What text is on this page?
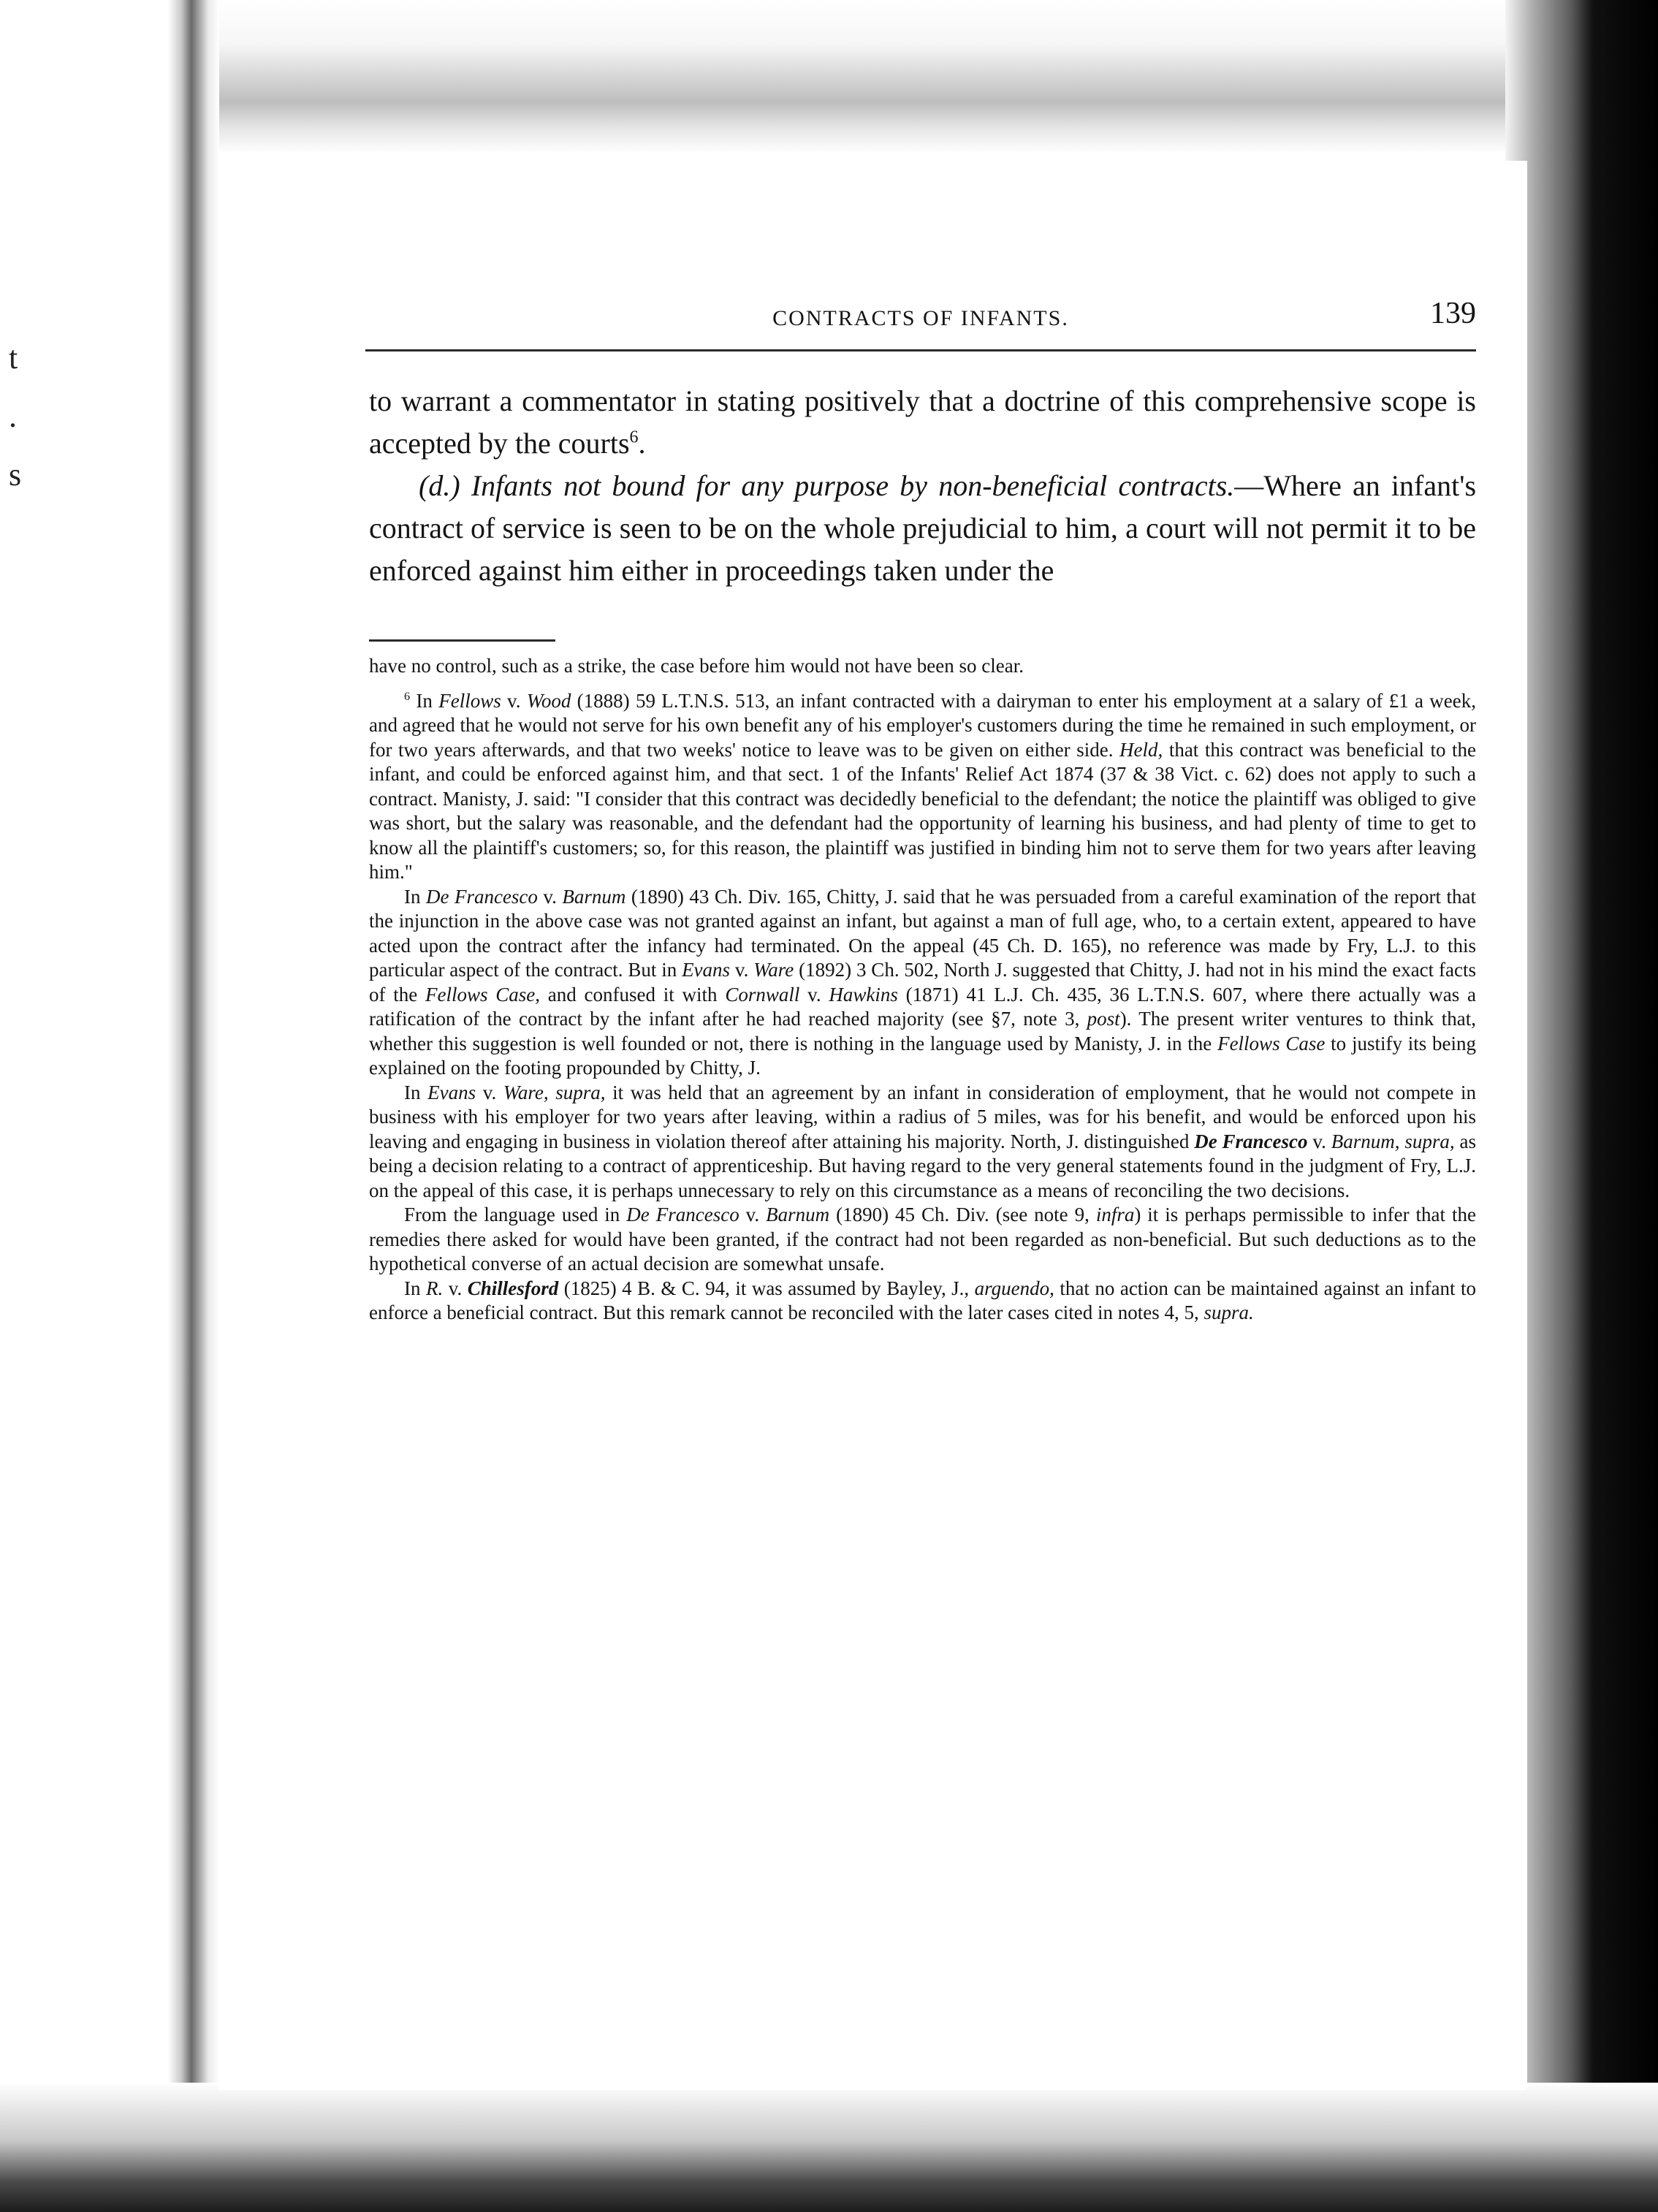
t
.
s
CONTRACTS OF INFANTS.	139

to warrant a commentator in stating positively that a doctrine of this comprehensive scope is accepted by the courts$^6$.

(d.) Infants not bound for any purpose by non-beneficial contracts.—Where an infant's contract of service is seen to be on the whole prejudicial to him, a court will not permit it to be enforced against him either in proceedings taken under the

have no control, such as a strike, the case before him would not have been so clear.

$^6$ In Fellows v. Wood (1888) 59 L.T.N.S. 513, an infant contracted with a dairyman to enter his employment at a salary of £1 a week, and agreed that he would not serve for his own benefit any of his employer's customers during the time he remained in such employment, or for two years afterwards, and that two weeks' notice to leave was to be given on either side. Held, that this contract was beneficial to the infant, and could be enforced against him, and that sect. 1 of the Infants' Relief Act 1874 (37 & 38 Vict. c. 62) does not apply to such a contract. Manisty, J. said: "I consider that this contract was decidedly beneficial to the defendant; the notice the plaintiff was obliged to give was short, but the salary was reasonable, and the defendant had the opportunity of learning his business, and had plenty of time to get to know all the plaintiff's customers; so, for this reason, the plaintiff was justified in binding him not to serve them for two years after leaving him."

In De Francesco v. Barnum (1890) 43 Ch. Div. 165, Chitty, J. said that he was persuaded from a careful examination of the report that the injunction in the above case was not granted against an infant, but against a man of full age, who, to a certain extent, appeared to have acted upon the contract after the infancy had terminated. On the appeal (45 Ch. D. 165), no reference was made by Fry, L.J. to this particular aspect of the contract. But in Evans v. Ware (1892) 3 Ch. 502, North J. suggested that Chitty, J. had not in his mind the exact facts of the Fellows Case, and confused it with Cornwall v. Hawkins (1871) 41 L.J. Ch. 435, 36 L.T.N.S. 607, where there actually was a ratification of the contract by the infant after he had reached majority (see §7, note 3, post). The present writer ventures to think that, whether this suggestion is well founded or not, there is nothing in the language used by Manisty, J. in the Fellows Case to justify its being explained on the footing propounded by Chitty, J.

In Evans v. Ware, supra, it was held that an agreement by an infant in consideration of employment, that he would not compete in business with his employer for two years after leaving, within a radius of 5 miles, was for his benefit, and would be enforced upon his leaving and engaging in business in violation thereof after attaining his majority. North, J. distinguished De Francesco v. Barnum, supra, as being a decision relating to a contract of apprenticeship. But having regard to the very general statements found in the judgment of Fry, L.J. on the appeal of this case, it is perhaps unnecessary to rely on this circumstance as a means of reconciling the two decisions.

From the language used in De Francesco v. Barnum (1890) 45 Ch. Div. (see note 9, infra) it is perhaps permissible to infer that the remedies there asked for would have been granted, if the contract had not been regarded as non-beneficial. But such deductions as to the hypothetical converse of an actual decision are somewhat unsafe.

In R. v. Chillesford (1825) 4 B. & C. 94, it was assumed by Bayley, J., arguendo, that no action can be maintained against an infant to enforce a beneficial contract. But this remark cannot be reconciled with the later cases cited in notes 4, 5, supra.
